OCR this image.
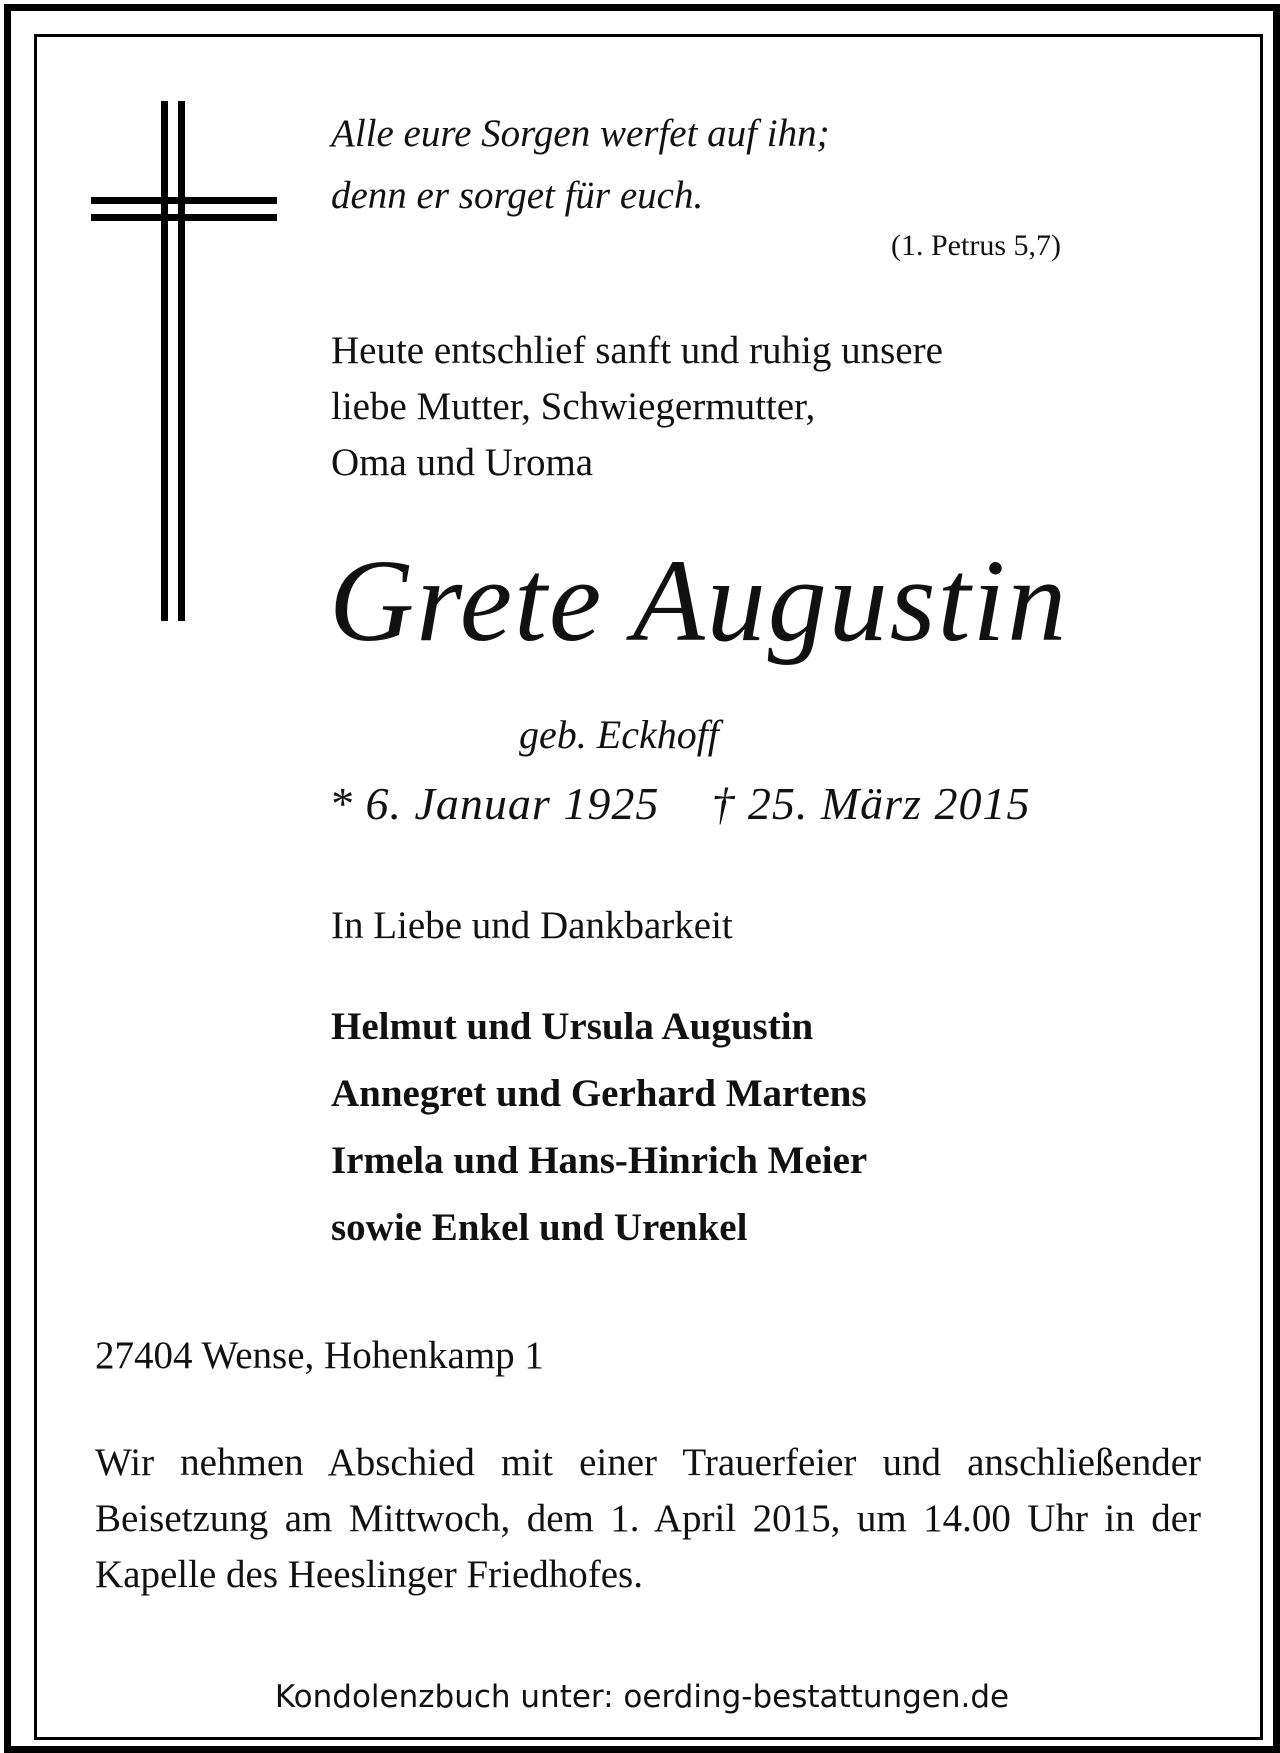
Alle eure Sorgen werfet auf ihn;
denn er sorget für euch.
(1. Petrus 5,7)
Heute entschlief sanft und ruhig unsere
liebe Mutter, Schwiegermutter,
Oma und Uroma
Grete Augustin
geb. Eckhoff
* 6. Januar 1925 † 25. März 2015
In Liebe und Dankbarkeit
Helmut und Ursula Augustin
Annegret und Gerhard Martens
Irmela und Hans-Hinrich Meier
sowie Enkel und Urenkel
27404 Wense, Hohenkamp 1
Wir nehmen Abschied mit einer Trauerfeier und anschließender Beisetzung am Mittwoch, dem 1. April 2015, um 14.00 Uhr in der Kapelle des Heeslinger Friedhofes.
Kondolenzbuch unter: oerding-bestattungen.de
